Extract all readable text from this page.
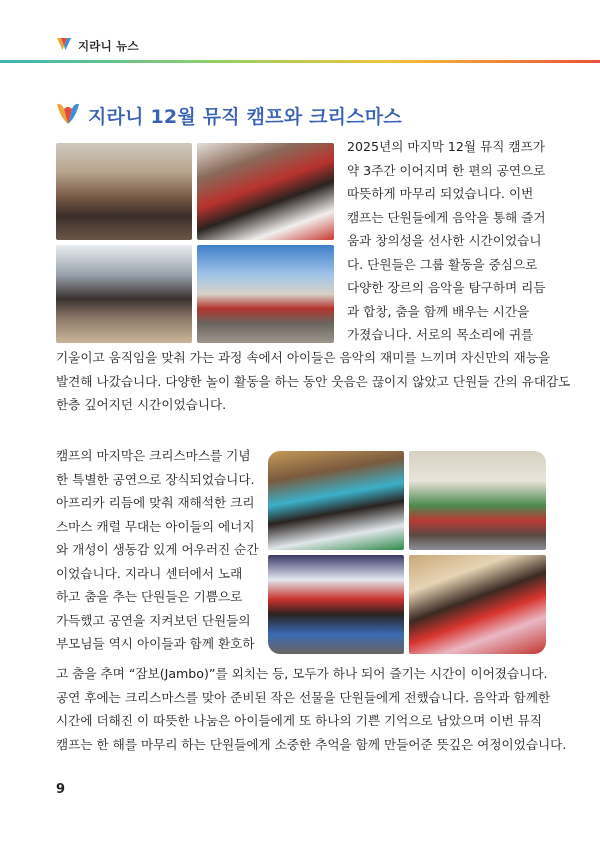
지라니 뉴스
지라니 12월 뮤직 캠프와 크리스마스
2025년의 마지막 12월 뮤직 캠프가
약 3주간 이어지며 한 편의 공연으로
따뜻하게 마무리 되었습니다. 이번
캠프는 단원들에게 음악을 통해 즐거
움과 창의성을 선사한 시간이었습니
다. 단원들은 그룹 활동을 중심으로
다양한 장르의 음악을 탐구하며 리듬
과 합창, 춤을 함께 배우는 시간을
가졌습니다. 서로의 목소리에 귀를
기울이고 움직임을 맞춰 가는 과정 속에서 아이들은 음악의 재미를 느끼며 자신만의 재능을
발견해 나갔습니다. 다양한 놀이 활동을 하는 동안 웃음은 끊이지 않았고 단원들 간의 유대감도
한층 깊어지던 시간이었습니다.
캠프의 마지막은 크리스마스를 기념
한 특별한 공연으로 장식되었습니다.
아프리카 리듬에 맞춰 재해석한 크리
스마스 캐럴 무대는 아이들의 에너지
와 개성이 생동감 있게 어우러진 순간
이었습니다. 지라니 센터에서 노래
하고 춤을 추는 단원들은 기쁨으로
가득했고 공연을 지켜보던 단원들의
부모님들 역시 아이들과 함께 환호하
고 춤을 추며 “잠보(Jambo)”를 외치는 등, 모두가 하나 되어 즐기는 시간이 이어졌습니다.
공연 후에는 크리스마스를 맞아 준비된 작은 선물을 단원들에게 전했습니다. 음악과 함께한
시간에 더해진 이 따뜻한 나눔은 아이들에게 또 하나의 기쁜 기억으로 남았으며 이번 뮤직
캠프는 한 해를 마무리 하는 단원들에게 소중한 추억을 함께 만들어준 뜻깊은 여정이었습니다.
9
